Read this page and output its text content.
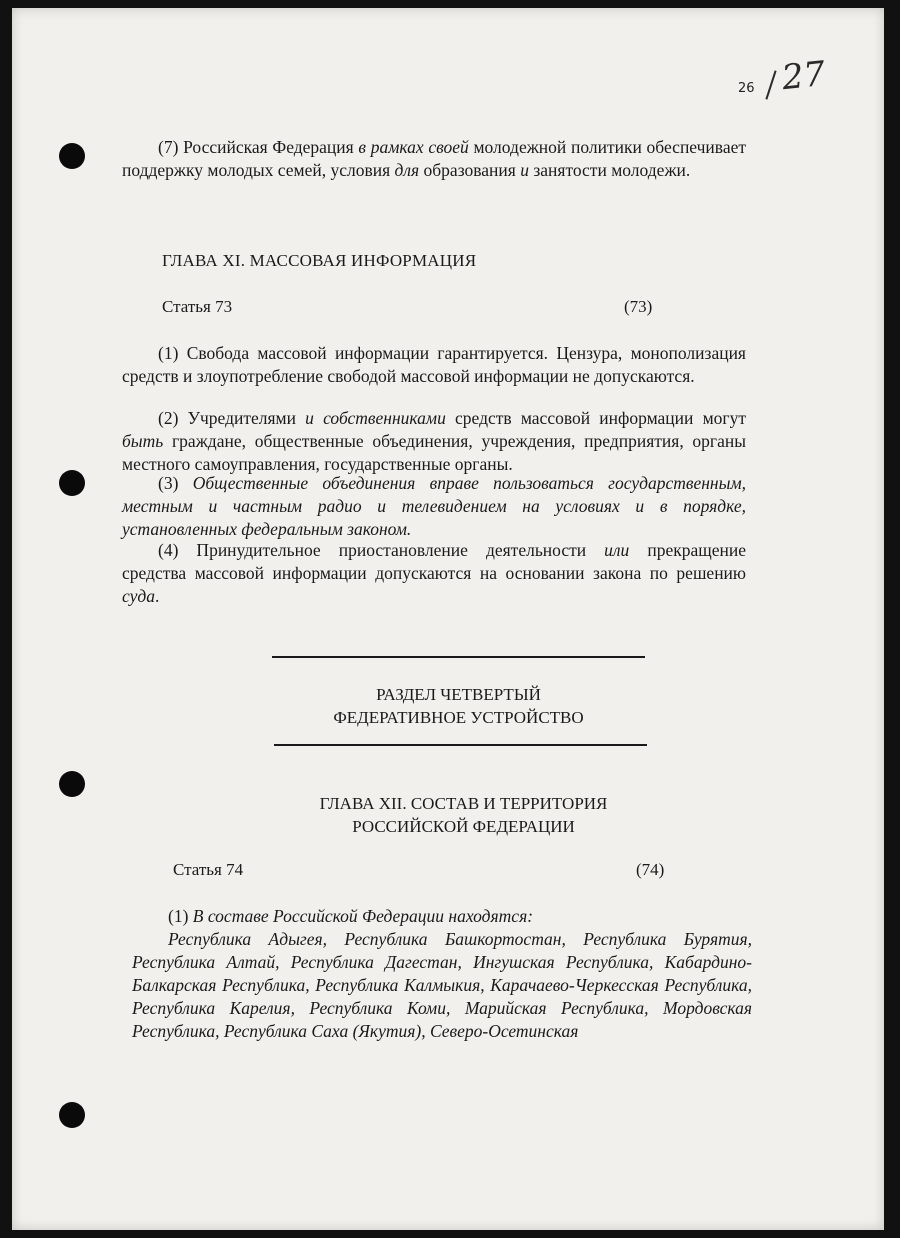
26 27
(7) Российская Федерация в рамках своей молодежной политики обеспечивает поддержку молодых семей, условия для образования и занятости молодежи.
ГЛАВА XI. МАССОВАЯ ИНФОРМАЦИЯ
Статья 73	(73)
(1) Свобода массовой информации гарантируется. Цензура, монополизация средств и злоупотребление свободой массовой информации не допускаются.
(2) Учредителями и собственниками средств массовой информации могут быть граждане, общественные объединения, учреждения, предприятия, органы местного самоуправления, государственные органы.
(3) Общественные объединения вправе пользоваться государственным, местным и частным радио и телевидением на условиях и в порядке, установленных федеральным законом.
(4) Принудительное приостановление деятельности или прекращение средства массовой информации допускаются на основании закона по решению суда.
РАЗДЕЛ ЧЕТВЕРТЫЙ
ФЕДЕРАТИВНОЕ УСТРОЙСТВО
ГЛАВА XII. СОСТАВ И ТЕРРИТОРИЯ
РОССИЙСКОЙ ФЕДЕРАЦИИ
Статья 74	(74)
(1) В составе Российской Федерации находятся:
Республика Адыгея, Республика Башкортостан, Республика Бурятия, Республика Алтай, Республика Дагестан, Ингушская Республика, Кабардино-Балкарская Республика, Республика Калмыкия, Карачаево-Черкесская Республика, Республика Карелия, Республика Коми, Марийская Республика, Мордовская Республика, Республика Саха (Якутия), Северо-Осетинская
